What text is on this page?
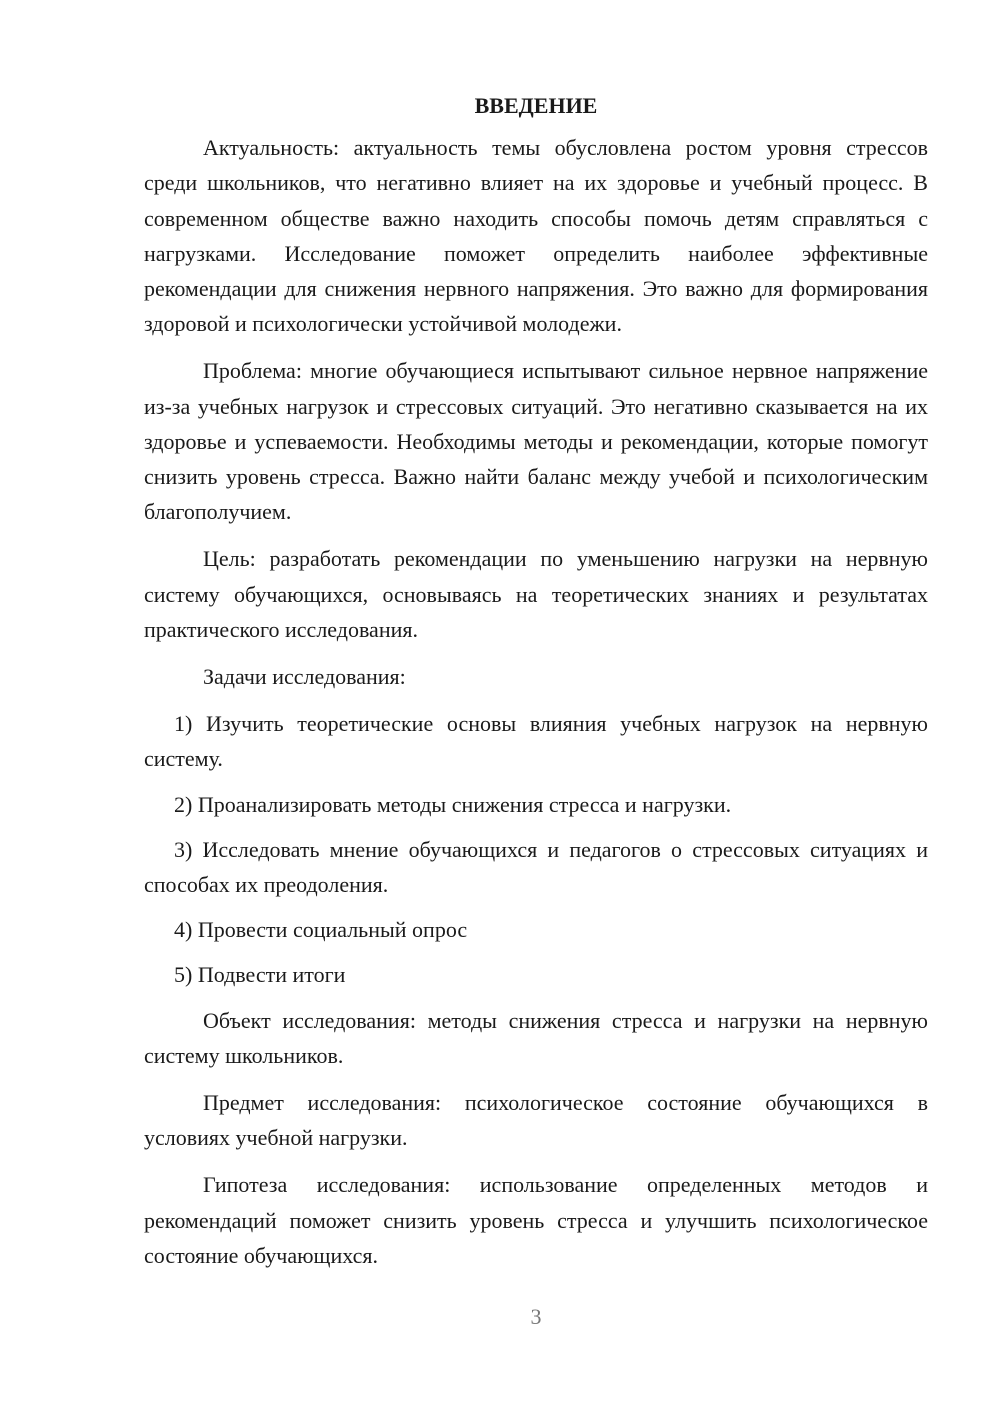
ВВЕДЕНИЕ

Актуальность: актуальность темы обусловлена ростом уровня стрессов среди школьников, что негативно влияет на их здоровье и учебный процесс. В современном обществе важно находить способы помочь детям справляться с нагрузками. Исследование поможет определить наиболее эффективные рекомендации для снижения нервного напряжения. Это важно для формирования здоровой и психологически устойчивой молодежи.

Проблема: многие обучающиеся испытывают сильное нервное напряжение из-за учебных нагрузок и стрессовых ситуаций. Это негативно сказывается на их здоровье и успеваемости. Необходимы методы и рекомендации, которые помогут снизить уровень стресса. Важно найти баланс между учебой и психологическим благополучием.

Цель: разработать рекомендации по уменьшению нагрузки на нервную систему обучающихся, основываясь на теоретических знаниях и результатах практического исследования.

Задачи исследования:

1) Изучить теоретические основы влияния учебных нагрузок на нервную систему.

2) Проанализировать методы снижения стресса и нагрузки.

3) Исследовать мнение обучающихся и педагогов о стрессовых ситуациях и способах их преодоления.

4) Провести социальный опрос

5) Подвести итоги

Объект исследования: методы снижения стресса и нагрузки на нервную систему школьников.

Предмет исследования: психологическое состояние обучающихся в условиях учебной нагрузки.

Гипотеза исследования: использование определенных методов и рекомендаций поможет снизить уровень стресса и улучшить психологическое состояние обучающихся.

3
